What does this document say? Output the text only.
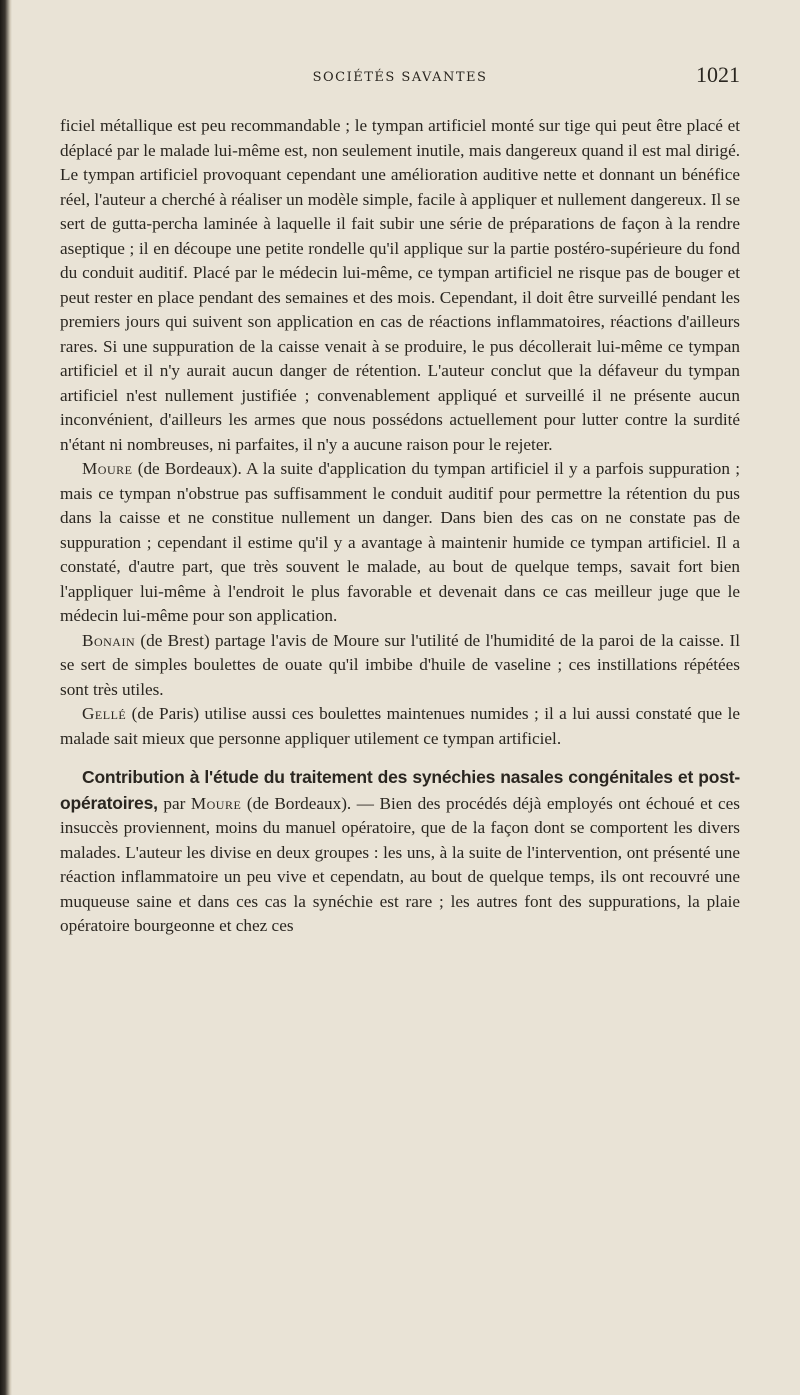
SOCIÉTÉS SAVANTES	1021

ficiel métallique est peu recommandable ; le tympan artificiel monté sur tige qui peut être placé et déplacé par le malade lui-même est, non seulement inutile, mais dangereux quand il est mal dirigé. Le tympan artificiel provoquant cependant une amélioration auditive nette et donnant un bénéfice réel, l'auteur a cherché à réaliser un modèle simple, facile à appliquer et nullement dangereux. Il se sert de gutta-percha laminée à laquelle il fait subir une série de préparations de façon à la rendre aseptique ; il en découpe une petite rondelle qu'il applique sur la partie postéro-supérieure du fond du conduit auditif. Placé par le médecin lui-même, ce tympan artificiel ne risque pas de bouger et peut rester en place pendant des semaines et des mois. Cependant, il doit être surveillé pendant les premiers jours qui suivent son application en cas de réactions inflammatoires, réactions d'ailleurs rares. Si une suppuration de la caisse venait à se produire, le pus décollerait lui-même ce tympan artificiel et il n'y aurait aucun danger de rétention. L'auteur conclut que la défaveur du tympan artificiel n'est nullement justifiée ; convenablement appliqué et surveillé il ne présente aucun inconvénient, d'ailleurs les armes que nous possédons actuellement pour lutter contre la surdité n'étant ni nombreuses, ni parfaites, il n'y a aucune raison pour le rejeter.

Moure (de Bordeaux). A la suite d'application du tympan artificiel il y a parfois suppuration ; mais ce tympan n'obstrue pas suffisamment le conduit auditif pour permettre la rétention du pus dans la caisse et ne constitue nullement un danger. Dans bien des cas on ne constate pas de suppuration ; cependant il estime qu'il y a avantage à maintenir humide ce tympan artificiel. Il a constaté, d'autre part, que très souvent le malade, au bout de quelque temps, savait fort bien l'appliquer lui-même à l'endroit le plus favorable et devenait dans ce cas meilleur juge que le médecin lui-même pour son application.

Bonain (de Brest) partage l'avis de Moure sur l'utilité de l'humidité de la paroi de la caisse. Il se sert de simples boulettes de ouate qu'il imbibe d'huile de vaseline ; ces instillations répétées sont très utiles.

Gellé (de Paris) utilise aussi ces boulettes maintenues numides ; il a lui aussi constaté que le malade sait mieux que personne appliquer utilement ce tympan artificiel.

Contribution à l'étude du traitement des synéchies nasales congénitales et post-opératoires, par Moure (de Bordeaux). — Bien des procédés déjà employés ont échoué et ces insuccès proviennent, moins du manuel opératoire, que de la façon dont se comportent les divers malades. L'auteur les divise en deux groupes : les uns, à la suite de l'intervention, ont présenté une réaction inflammatoire un peu vive et cependatn, au bout de quelque temps, ils ont recouvré une muqueuse saine et dans ces cas la synéchie est rare ; les autres font des suppurations, la plaie opératoire bourgeonne et chez ces
